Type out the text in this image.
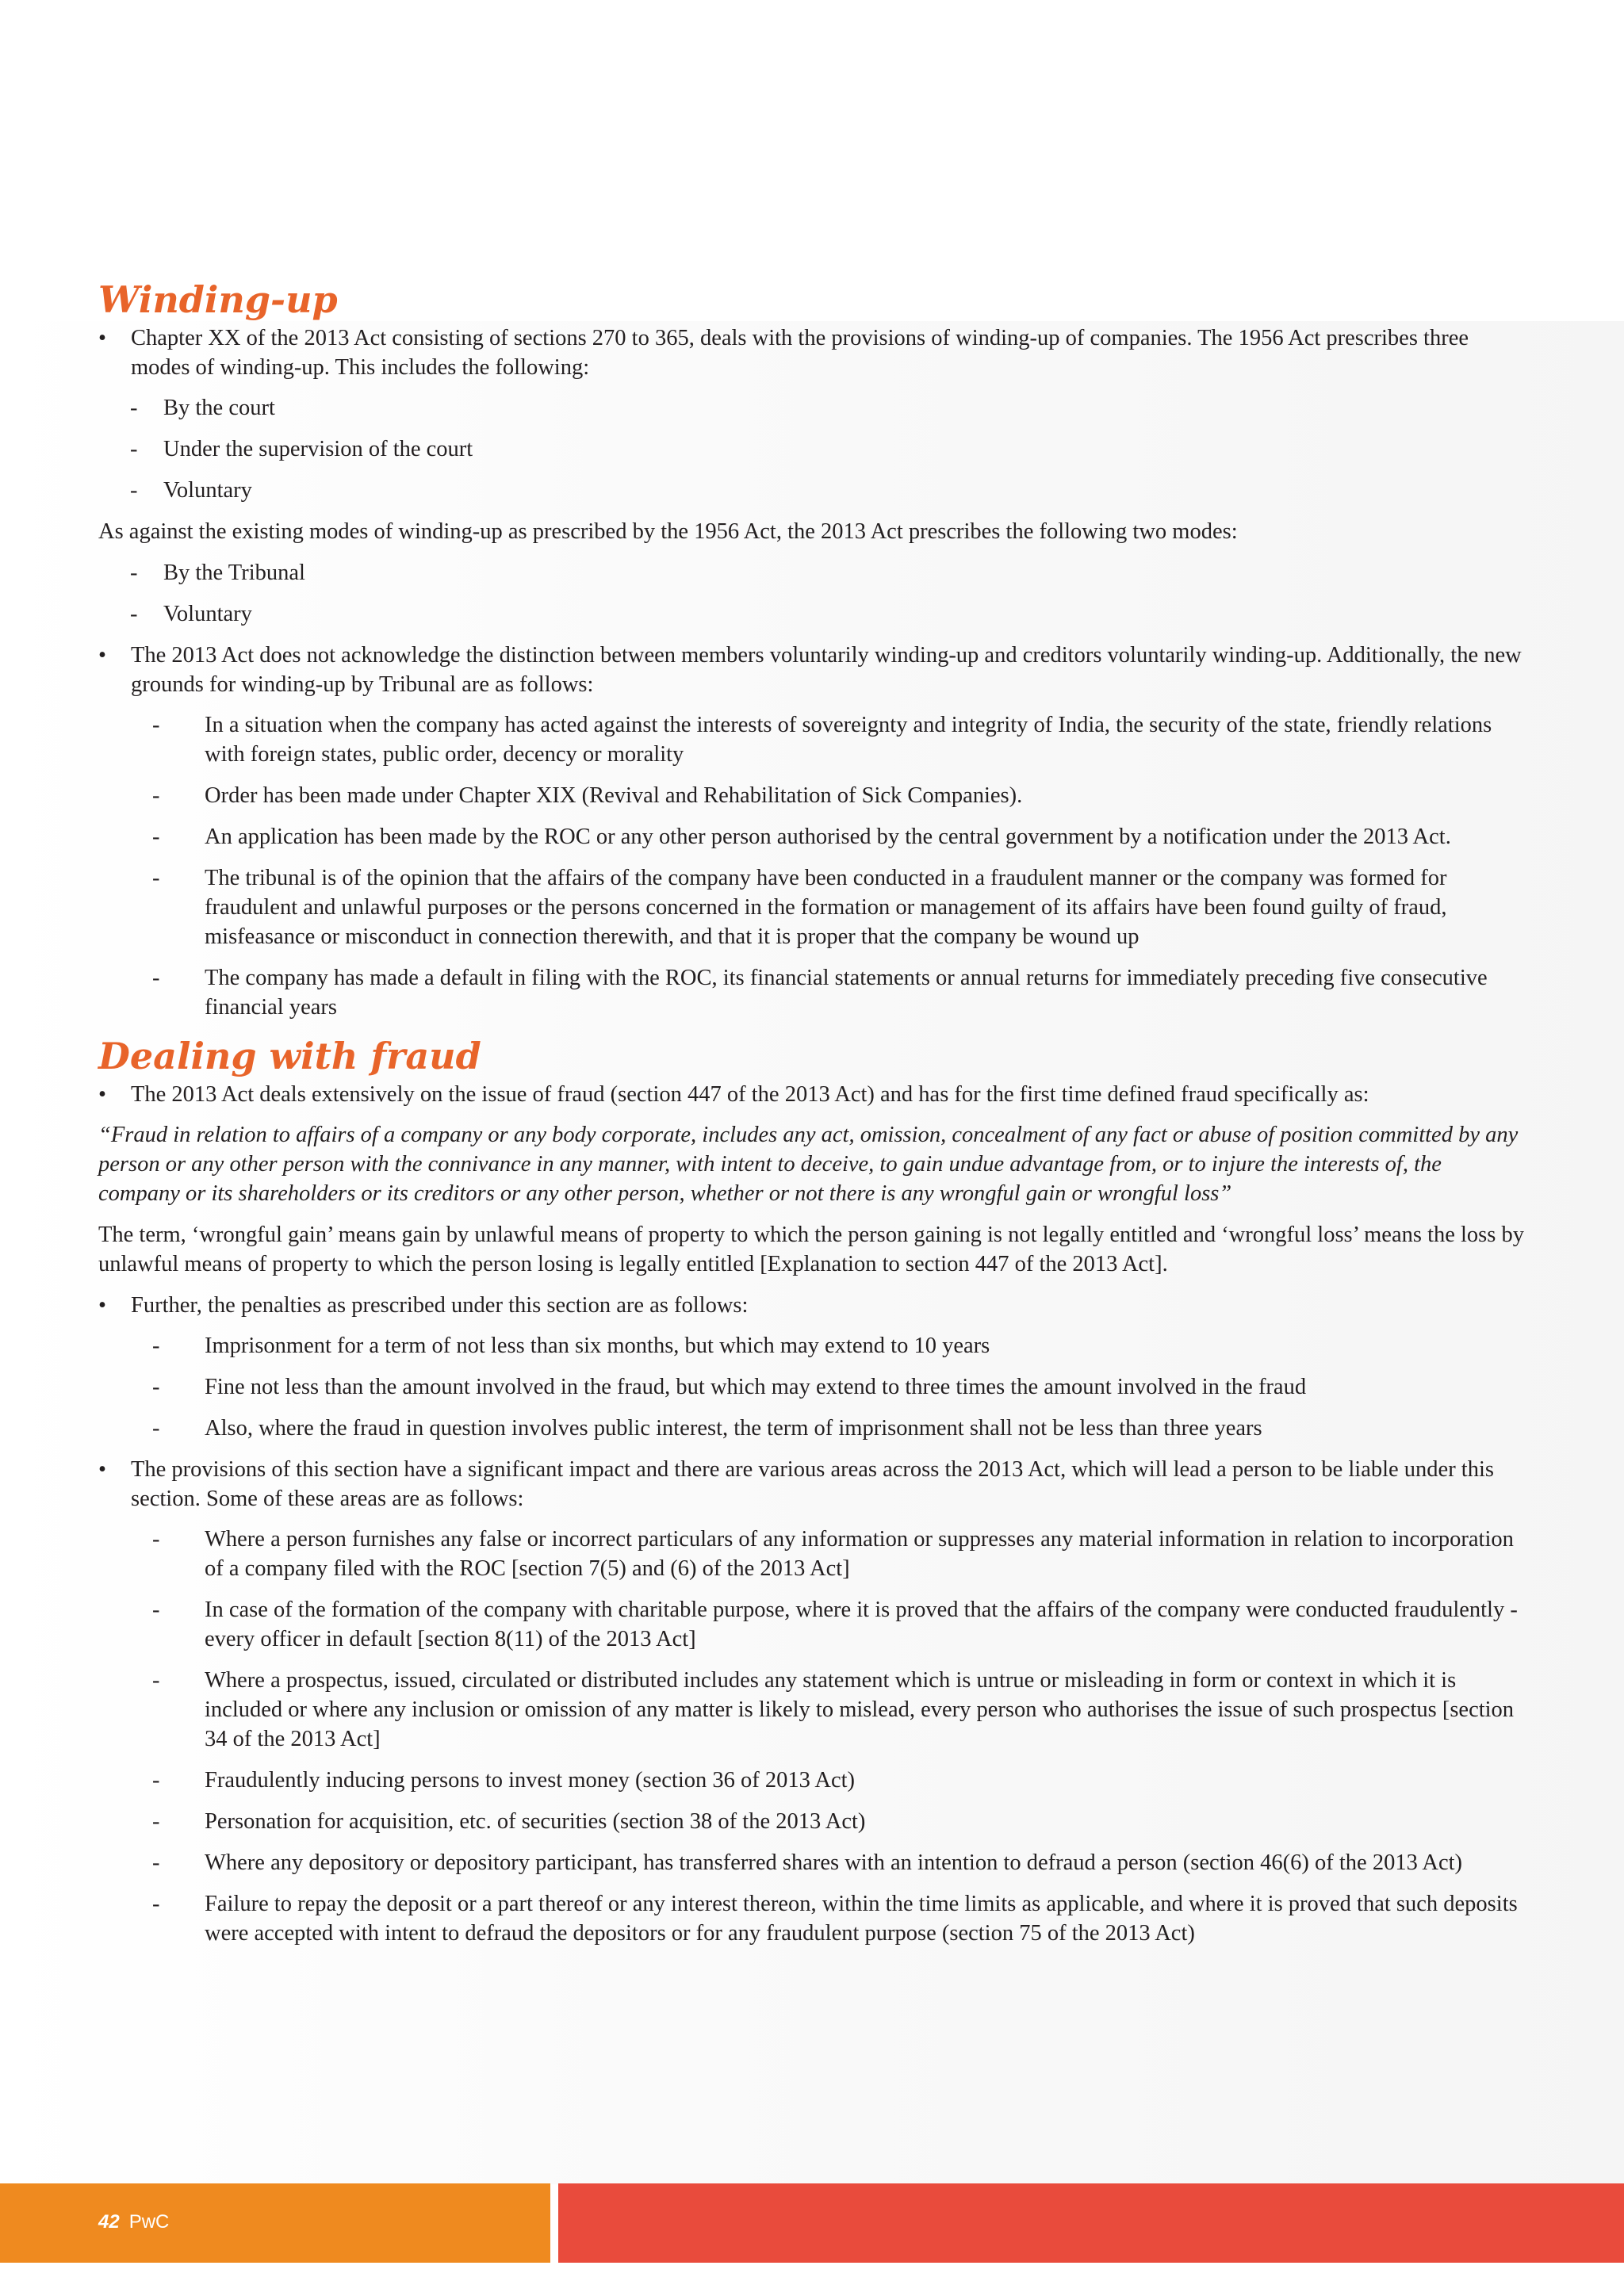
Winding-up
• Chapter XX of the 2013 Act consisting of sections 270 to 365, deals with the provisions of winding-up of companies. The 1956 Act prescribes three modes of winding-up. This includes the following:
- By the court
- Under the supervision of the court
- Voluntary
As against the existing modes of winding-up as prescribed by the 1956 Act, the 2013 Act prescribes the following two modes:
- By the Tribunal
- Voluntary
• The 2013 Act does not acknowledge the distinction between members voluntarily winding-up and creditors voluntarily winding-up. Additionally, the new grounds for winding-up by Tribunal are as follows:
- In a situation when the company has acted against the interests of sovereignty and integrity of India, the security of the state, friendly relations with foreign states, public order, decency or morality
- Order has been made under Chapter XIX (Revival and Rehabilitation of Sick Companies).
- An application has been made by the ROC or any other person authorised by the central government by a notification under the 2013 Act.
- The tribunal is of the opinion that the affairs of the company have been conducted in a fraudulent manner or the company was formed for fraudulent and unlawful purposes or the persons concerned in the formation or management of its affairs have been found guilty of fraud, misfeasance or misconduct in connection therewith, and that it is proper that the company be wound up
- The company has made a default in filing with the ROC, its financial statements or annual returns for immediately preceding five consecutive financial years
Dealing with fraud
• The 2013 Act deals extensively on the issue of fraud (section 447 of the 2013 Act) and has for the first time defined fraud specifically as:
“Fraud in relation to affairs of a company or any body corporate, includes any act, omission, concealment of any fact or abuse of position committed by any person or any other person with the connivance in any manner, with intent to deceive, to gain undue advantage from, or to injure the interests of, the company or its shareholders or its creditors or any other person, whether or not there is any wrongful gain or wrongful loss”
The term, ‘wrongful gain’ means gain by unlawful means of property to which the person gaining is not legally entitled and ‘wrongful loss’ means the loss by unlawful means of property to which the person losing is legally entitled [Explanation to section 447 of the 2013 Act].
• Further, the penalties as prescribed under this section are as follows:
- Imprisonment for a term of not less than six months, but which may extend to 10 years
- Fine not less than the amount involved in the fraud, but which may extend to three times the amount involved in the fraud
- Also, where the fraud in question involves public interest, the term of imprisonment shall not be less than three years
• The provisions of this section have a significant impact and there are various areas across the 2013 Act, which will lead a person to be liable under this section. Some of these areas are as follows:
- Where a person furnishes any false or incorrect particulars of any information or suppresses any material information in relation to incorporation of a company filed with the ROC [section 7(5) and (6) of the 2013 Act]
- In case of the formation of the company with charitable purpose, where it is proved that the affairs of the company were conducted fraudulently - every officer in default [section 8(11) of the 2013 Act]
- Where a prospectus, issued, circulated or distributed includes any statement which is untrue or misleading in form or context in which it is included or where any inclusion or omission of any matter is likely to mislead, every person who authorises the issue of such prospectus [section 34 of the 2013 Act]
- Fraudulently inducing persons to invest money (section 36 of 2013 Act)
- Personation for acquisition, etc. of securities (section 38 of the 2013 Act)
- Where any depository or depository participant, has transferred shares with an intention to defraud a person (section 46(6) of the 2013 Act)
- Failure to repay the deposit or a part thereof or any interest thereon, within the time limits as applicable, and where it is proved that such deposits were accepted with intent to defraud the depositors or for any fraudulent purpose (section 75 of the 2013 Act)
42 PwC
